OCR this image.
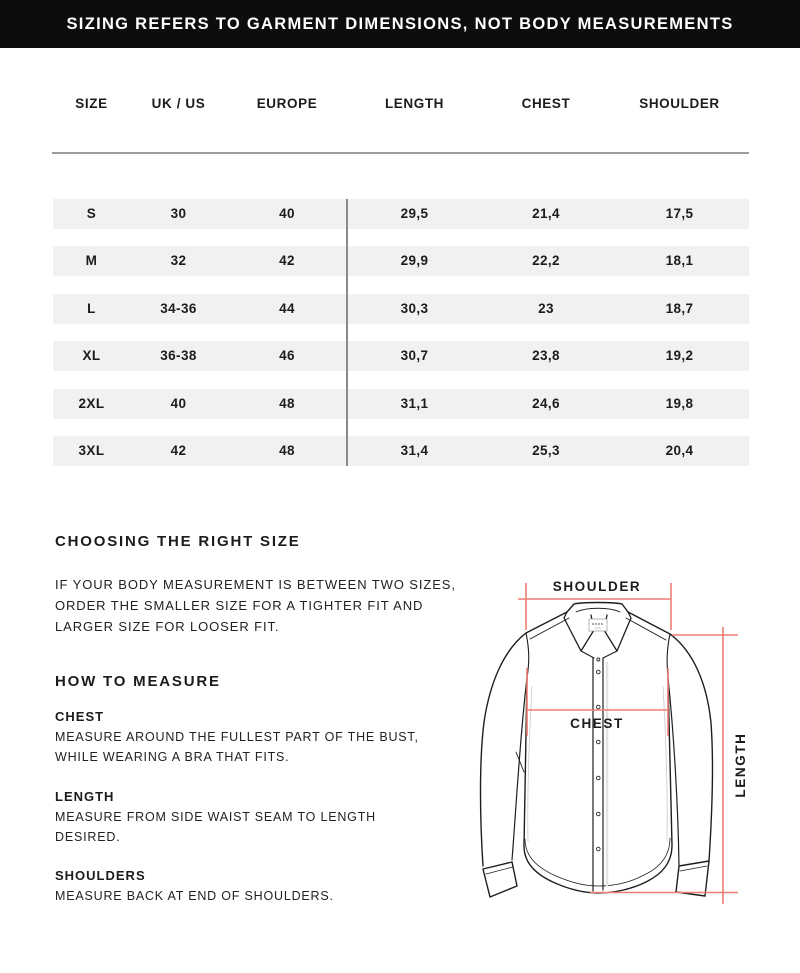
SIZING REFERS TO GARMENT DIMENSIONS, NOT BODY MEASUREMENTS
SIZE	UK / US	EUROPE	LENGTH	CHEST	SHOULDER
S	30	40	29,5	21,4	17,5
M	32	42	29,9	22,2	18,1
L	34-36	44	30,3	23	18,7
XL	36-38	46	30,7	23,8	19,2
2XL	40	48	31,1	24,6	19,8
3XL	42	48	31,4	25,3	20,4
CHOOSING THE RIGHT SIZE
IF YOUR BODY MEASUREMENT IS BETWEEN TWO SIZES,
ORDER THE SMALLER SIZE FOR A TIGHTER FIT AND
LARGER SIZE FOR LOOSER FIT.
HOW TO MEASURE
CHEST
MEASURE AROUND THE FULLEST PART OF THE BUST,
WHILE WEARING A BRA THAT FITS.
LENGTH
MEASURE FROM SIDE WAIST SEAM TO LENGTH
DESIRED.
SHOULDERS
MEASURE BACK AT END OF SHOULDERS.
SHOULDER
CHEST
LENGTH
